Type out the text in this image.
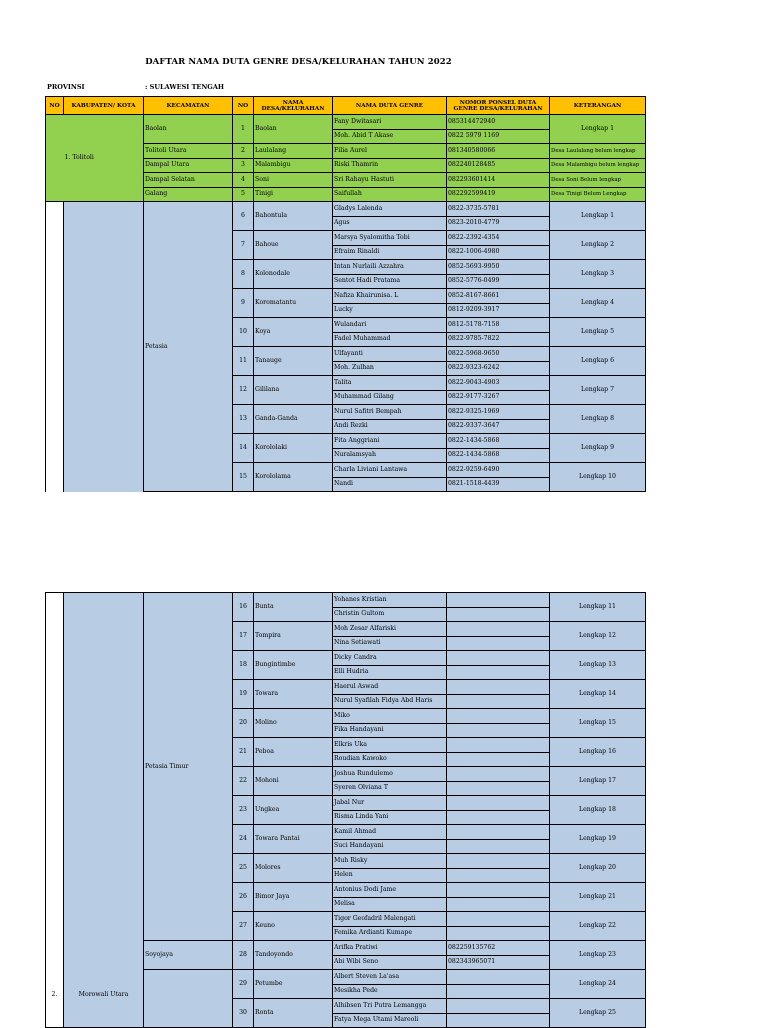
DAFTAR NAMA DUTA GENRE DESA/KELURAHAN TAHUN 2022
PROVINSI	: SULAWESI TENGAH
NO	KABUPATEN/ KOTA	KECAMATAN	NO	NAMA DESA/KELURAHAN	NAMA DUTA GENRE	NOMOR PONSEL DUTA GENRE DESA/KELURAHAN	KETERANGAN
	1. Tolitoli	Baolan	1	Baolan	Fany Dwitasari	085314472940	Lengkap 1
					Moh. Abid T Akase	0822 5979 1169	
		Tolitoli Utara	2	Laulalang	Filia Aurel	081340580066	Desa Laulalang belum lengkap
		Dampal Utara	3	Malambigu	Riski Thamrin	082240128485	Desa Malambigu belum lengkap
		Dampal Selatan	4	Soni	Sri Rahayu Hastuti	082293601414	Desa Soni Belum lengkap
		Galang	5	Tinigi	Saifullah	082292599419	Desa Tinigi Belum Lengkap
		Petasia	6	Bahontula	Gladys Lalenda	0822-3735-5781	Lengkap 1
					Agus	0823-2010-4779	
			7	Bahoue	Marsya Syalomitha Tobi	0822-2392-4354	Lengkap 2
					Efraim Rinaldi	0822-1006-4980	
			8	Kolonodale	Intan Nurlaili Azzahra	0852-5693-9950	Lengkap 3
					Sentot Hadi Pratama	0852-5776-0499	
			9	Koromatantu	Nafiza Khairunisa. L	0852-8167-8661	Lengkap 4
					Lucky	0812-9209-3917	
			10	Koya	Wulandari	0812-5178-7158	Lengkap 5
					Fadel Muhammad	0822-9785-7822	
			11	Tanauge	Ulfayanti	0822-5968-9650	Lengkap 6
					Moh. Zulhan	0822-9323-6242	
			12	Gililana	Talita	0822-9043-4903	Lengkap 7
					Muhammad Gilang	0822-9177-3267	
			13	Ganda-Ganda	Nurul Safitri Bempah	0822-9325-1969	Lengkap 8
					Andi Rezki	0822-9337-3647	
			14	Korololaki	Fita Anggriani	0822-1434-5868	Lengkap 9
					Nuralamsyah	0822-1434-5868	
			15	Korololama	Charla Liviani Lantawa	0822-9259-6490	Lengkap 10
					Nandi	0821-1518-4439	
2.	Morowali Utara	Petasia Timur	16	Bunta	Yohanes Kristian		Lengkap 11
					Christin Gultom		
			17	Tompira	Moh Zesar Alfariski		Lengkap 12
					Nina Setiawati		
			18	Bungintimbe	Dicky Candra		Lengkap 13
					Elli Hudria		
			19	Towara	Haerul Aswad		Lengkap 14
					Nurul Syafilah Fidya Abd Haris		
			20	Molino	Miko		Lengkap 15
					Fika Handayani		
			21	Peboa	Elkris Uka		Lengkap 16
					Roudian Kawoko		
			22	Mohoni	Joshua Rundulemo		Lengkap 17
					Syeren Olviana T		
			23	Ungkea	Jabal Nur		Lengkap 18
					Risma Linda Yani		
			24	Towara Pantai	Kamil Ahmad		Lengkap 19
					Suci Handayani		
			25	Molores	Muh Risky		Lengkap 20
					Helen		
			26	Bimor Jaya	Antonius Dodi Jame		Lengkap 21
					Melisa		
			27	Keuno	Tigor Geofadril Malengati		Lengkap 22
					Femika Ardianti Kumape		
		Soyojaya	28	Tandoyondo	Arifka Pratiwi	082259135762	Lengkap 23
					Abi Wibi Seno	082343965071	
			29	Petumbe	Albert Steven La'asa		Lengkap 24
					Mesikha Pede		
			30	Ronta	Alhibsen Tri Putra Lemangga		Lengkap 25
					Fatya Mega Utami Mareoli		
